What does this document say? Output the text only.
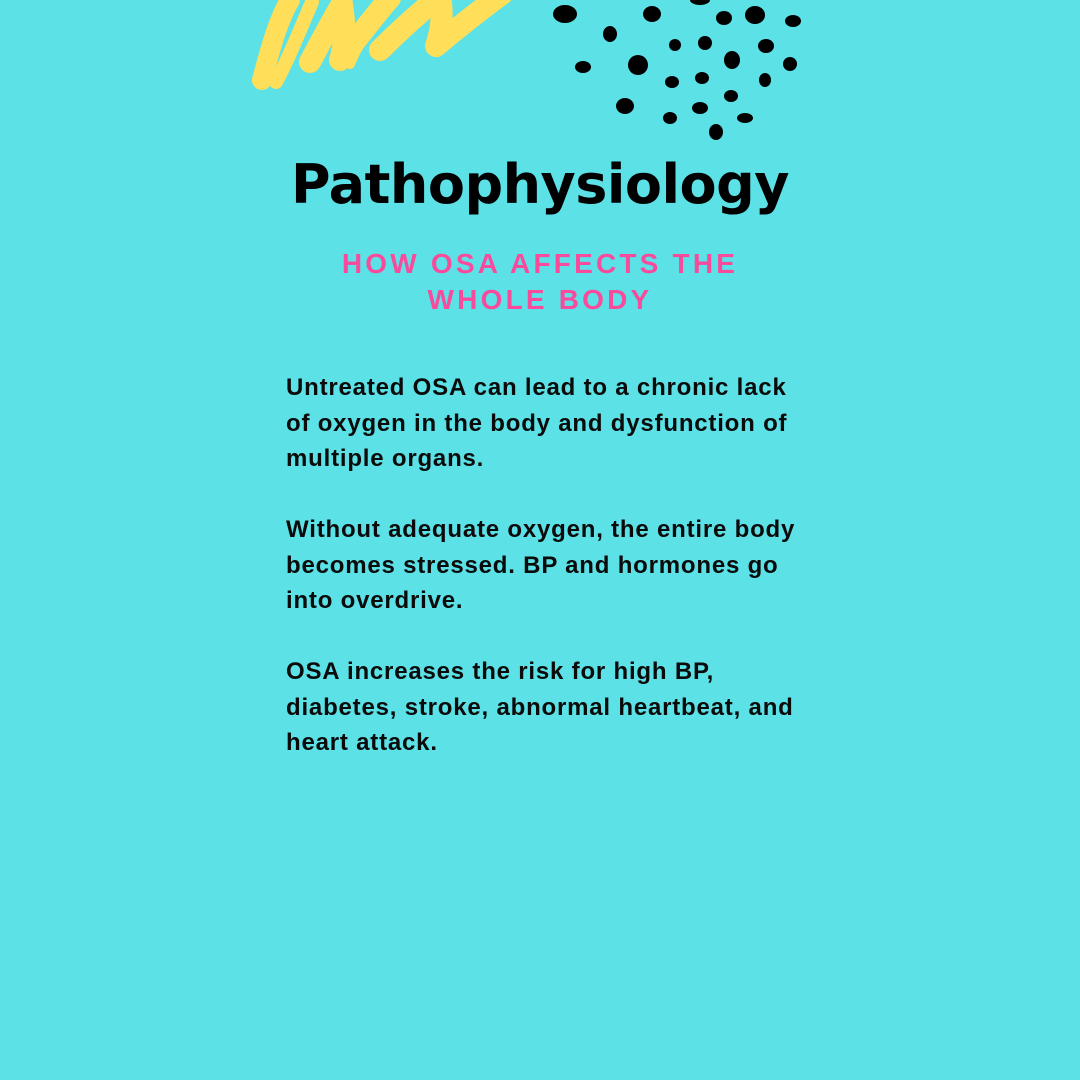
Pathophysiology
HOW OSA AFFECTS THE WHOLE BODY

Untreated OSA can lead to a chronic lack of oxygen in the body and dysfunction of multiple organs.

Without adequate oxygen, the entire body becomes stressed. BP and hormones go into overdrive.

OSA increases the risk for high BP, diabetes, stroke, abnormal heartbeat, and heart attack.
